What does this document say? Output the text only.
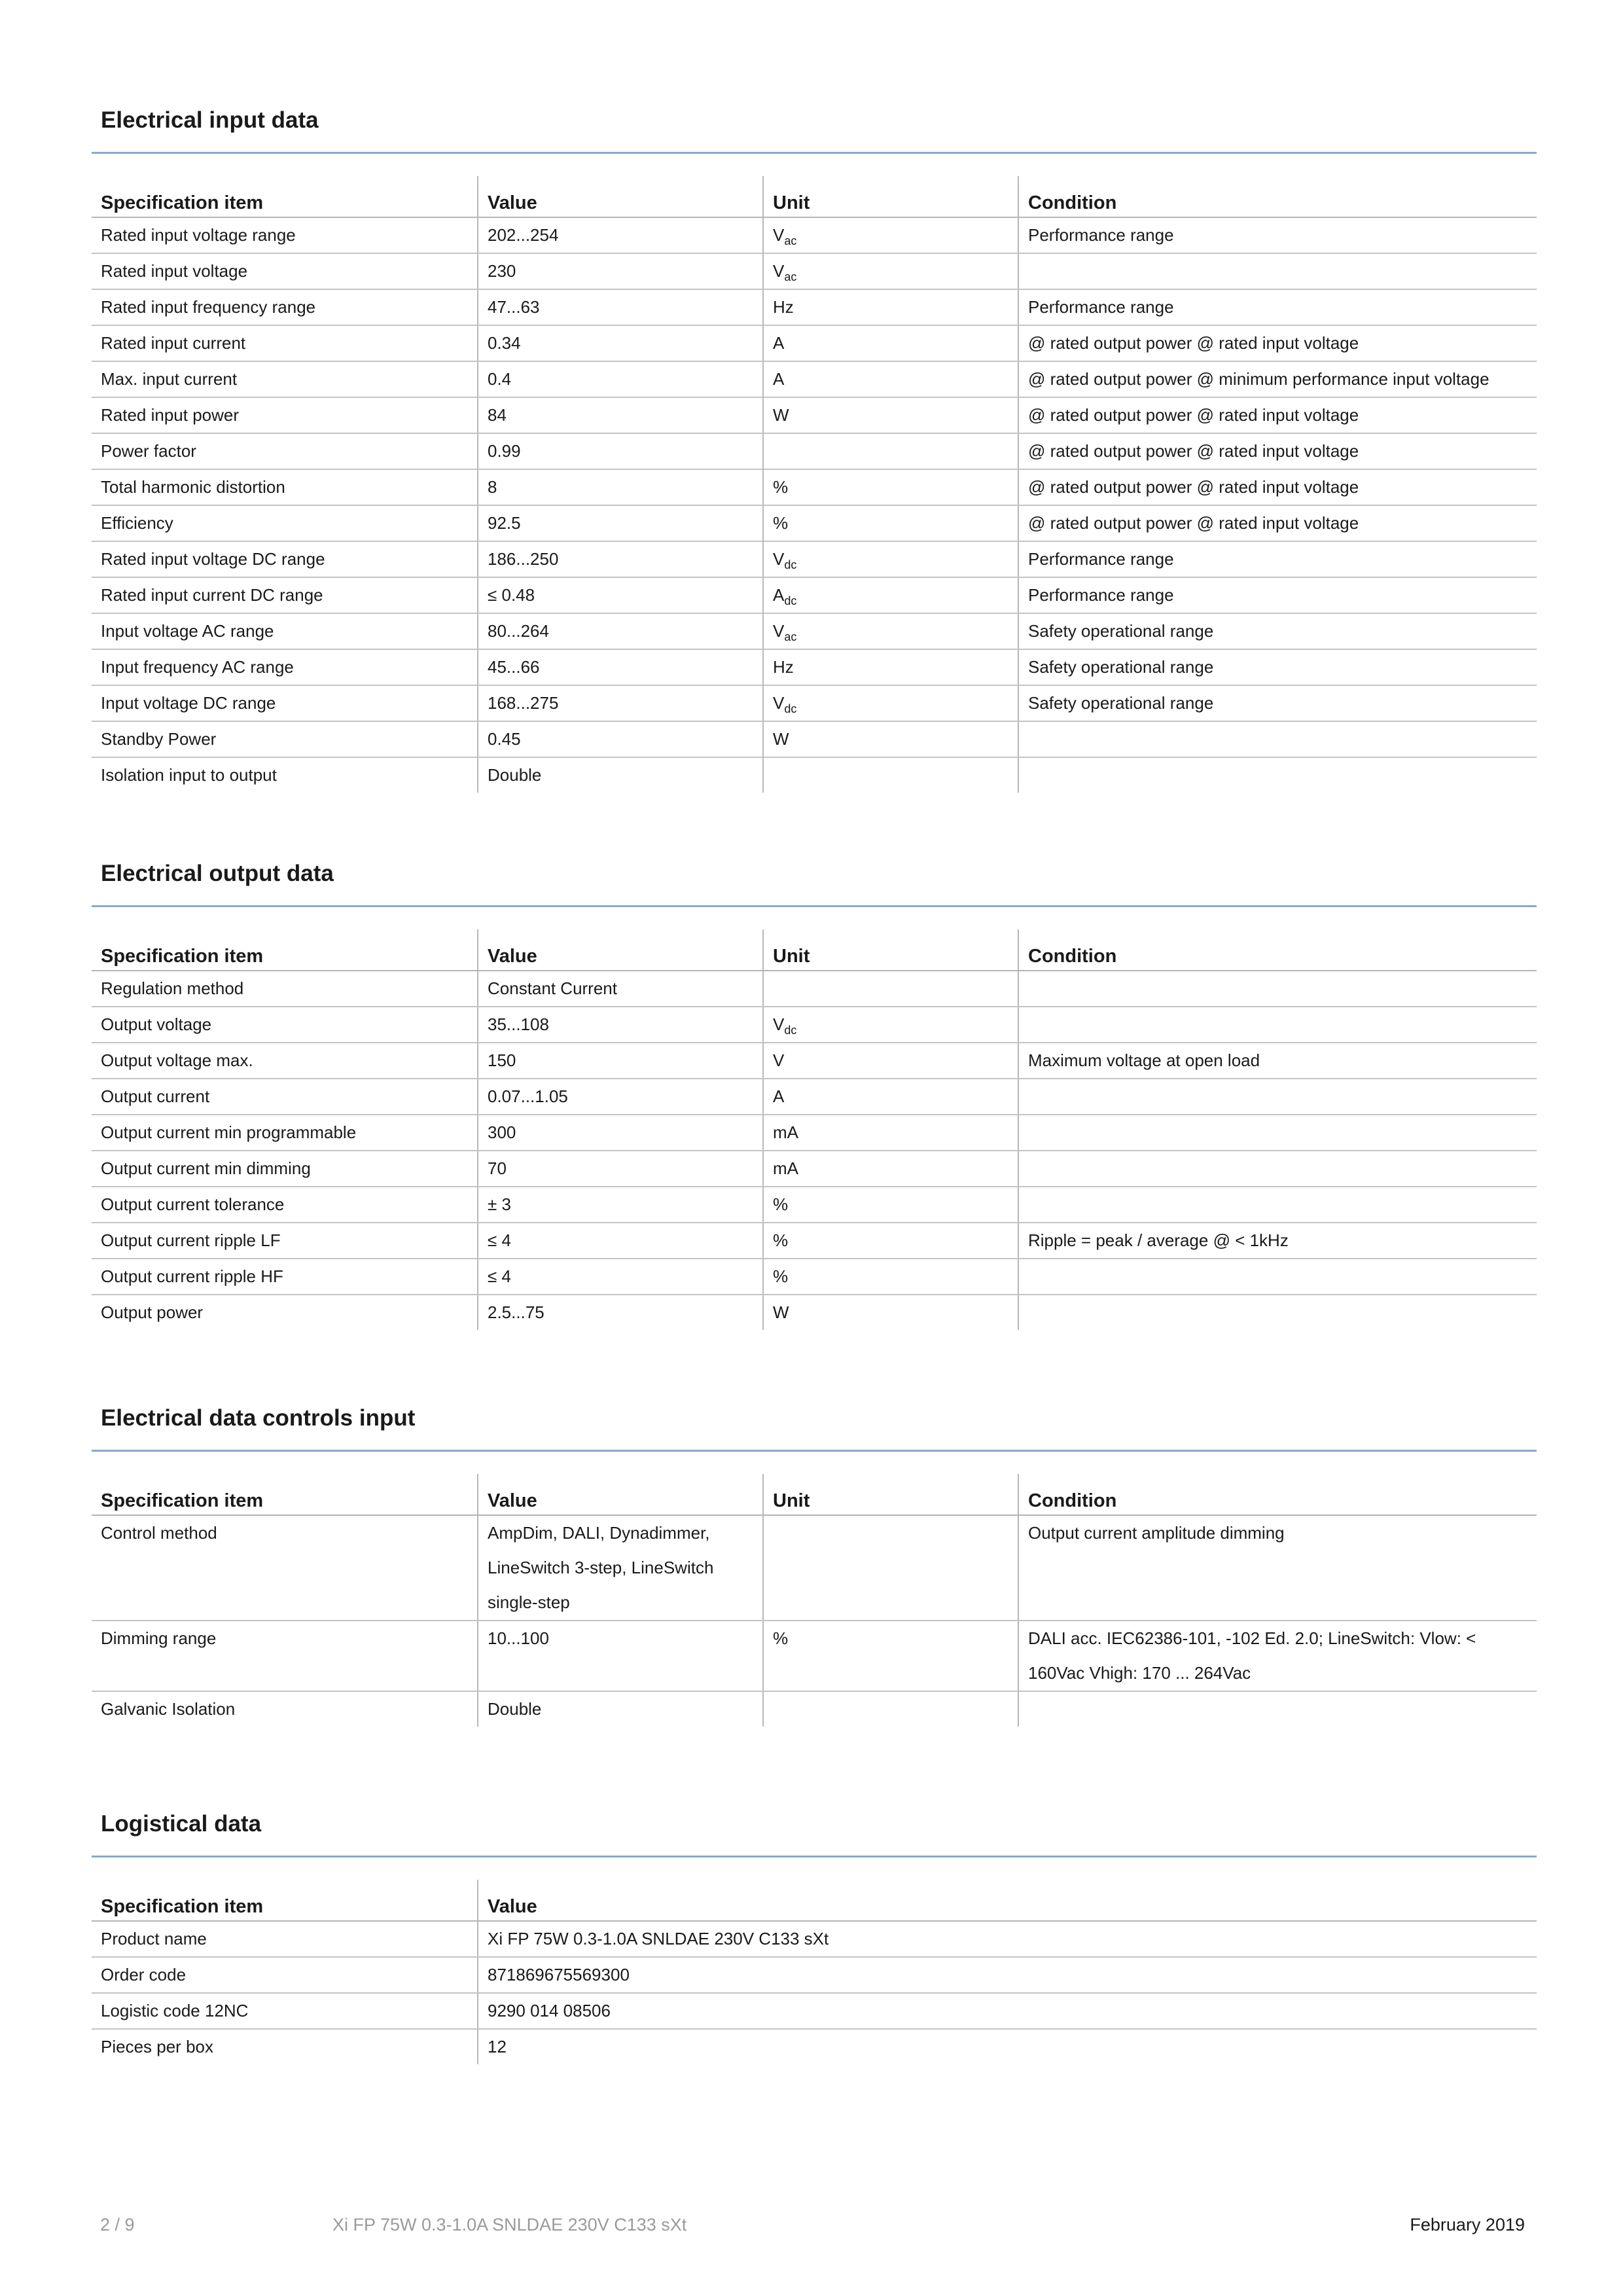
Electrical input data
Specification item	Value	Unit	Condition
Rated input voltage range	202...254	$V_{ac}$	Performance range
Rated input voltage	230	$V_{ac}$	
Rated input frequency range	47...63	Hz	Performance range
Rated input current	0.34	A	@ rated output power @ rated input voltage
Max. input current	0.4	A	@ rated output power @ minimum performance input voltage
Rated input power	84	W	@ rated output power @ rated input voltage
Power factor	0.99		@ rated output power @ rated input voltage
Total harmonic distortion	8	%	@ rated output power @ rated input voltage
Efficiency	92.5	%	@ rated output power @ rated input voltage
Rated input voltage DC range	186...250	$V_{dc}$	Performance range
Rated input current DC range	≤ 0.48	$A_{dc}$	Performance range
Input voltage AC range	80...264	$V_{ac}$	Safety operational range
Input frequency AC range	45...66	Hz	Safety operational range
Input voltage DC range	168...275	$V_{dc}$	Safety operational range
Standby Power	0.45	W	
Isolation input to output	Double		
Electrical output data
Specification item	Value	Unit	Condition
Regulation method	Constant Current		
Output voltage	35...108	$V_{dc}$	
Output voltage max.	150	V	Maximum voltage at open load
Output current	0.07...1.05	A	
Output current min programmable	300	mA	
Output current min dimming	70	mA	
Output current tolerance	± 3	%	
Output current ripple LF	≤ 4	%	Ripple = peak / average @ < 1kHz
Output current ripple HF	≤ 4	%	
Output power	2.5...75	W	
Electrical data controls input
Specification item	Value	Unit	Condition
Control method	AmpDim, DALI, Dynadimmer, LineSwitch 3-step, LineSwitch single-step		Output current amplitude dimming
Dimming range	10...100	%	DALI acc. IEC62386-101, -102 Ed. 2.0; LineSwitch: Vlow: < 160Vac Vhigh: 170 ... 264Vac
Galvanic Isolation	Double		
Logistical data
Specification item	Value
Product name	Xi FP 75W 0.3-1.0A SNLDAE 230V C133 sXt
Order code	871869675569300
Logistic code 12NC	9290 014 08506
Pieces per box	12
2 / 9	Xi FP 75W 0.3-1.0A SNLDAE 230V C133 sXt	February 2019
